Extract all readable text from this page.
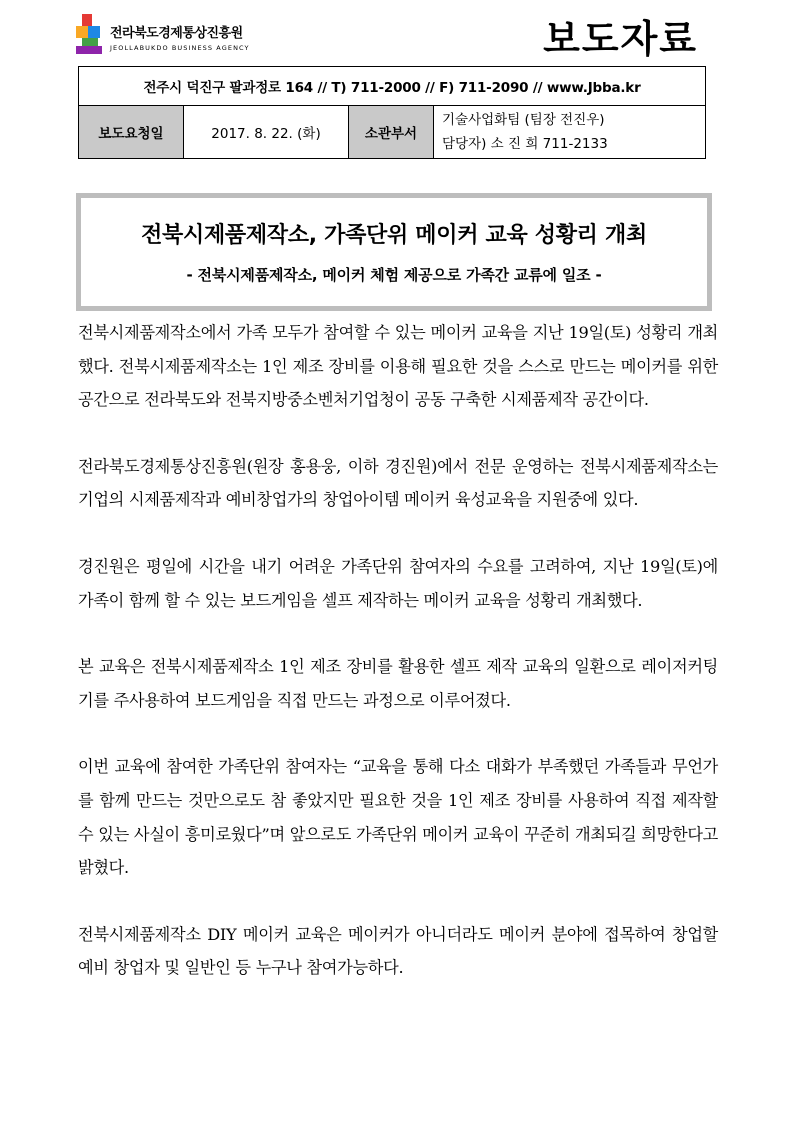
전라북도경제통상진흥원
JEOLLABUKDO BUSINESS AGENCY	보도자료
전주시 덕진구 팔과정로 164 // T) 711-2000 // F) 711-2090 // www.Jbba.kr
보도요청일	2017. 8. 22. (화)	소관부서	
기술사업화팀 (팀장 전진우)
담당자) 소 진 희 711-2133
전북시제품제작소, 가족단위 메이커 교육 성황리 개최
- 전북시제품제작소, 메이커 체험 제공으로 가족간 교류에 일조 -

전북시제품제작소에서 가족 모두가 참여할 수 있는 메이커 교육을 지난 19일(토) 성황리 개최했다. 전북시제품제작소는 1인 제조 장비를 이용해 필요한 것을 스스로 만드는 메이커를 위한 공간으로 전라북도와 전북지방중소벤처기업청이 공동 구축한 시제품제작 공간이다.

전라북도경제통상진흥원(원장 홍용웅, 이하 경진원)에서 전문 운영하는 전북시제품제작소는 기업의 시제품제작과 예비창업가의 창업아이템 메이커 육성교육을 지원중에 있다.

경진원은 평일에 시간을 내기 어려운 가족단위 참여자의 수요를 고려하여, 지난 19일(토)에 가족이 함께 할 수 있는 보드게임을 셀프 제작하는 메이커 교육을 성황리 개최했다.

본 교육은 전북시제품제작소 1인 제조 장비를 활용한 셀프 제작 교육의 일환으로 레이저커팅기를 주사용하여 보드게임을 직접 만드는 과정으로 이루어졌다.

이번 교육에 참여한 가족단위 참여자는 “교육을 통해 다소 대화가 부족했던 가족들과 무언가를 함께 만드는 것만으로도 참 좋았지만 필요한 것을 1인 제조 장비를 사용하여 직접 제작할 수 있는 사실이 흥미로웠다”며 앞으로도 가족단위 메이커 교육이 꾸준히 개최되길 희망한다고 밝혔다.

전북시제품제작소 DIY 메이커 교육은 메이커가 아니더라도 메이커 분야에 접목하여 창업할 예비 창업자 및 일반인 등 누구나 참여가능하다.
